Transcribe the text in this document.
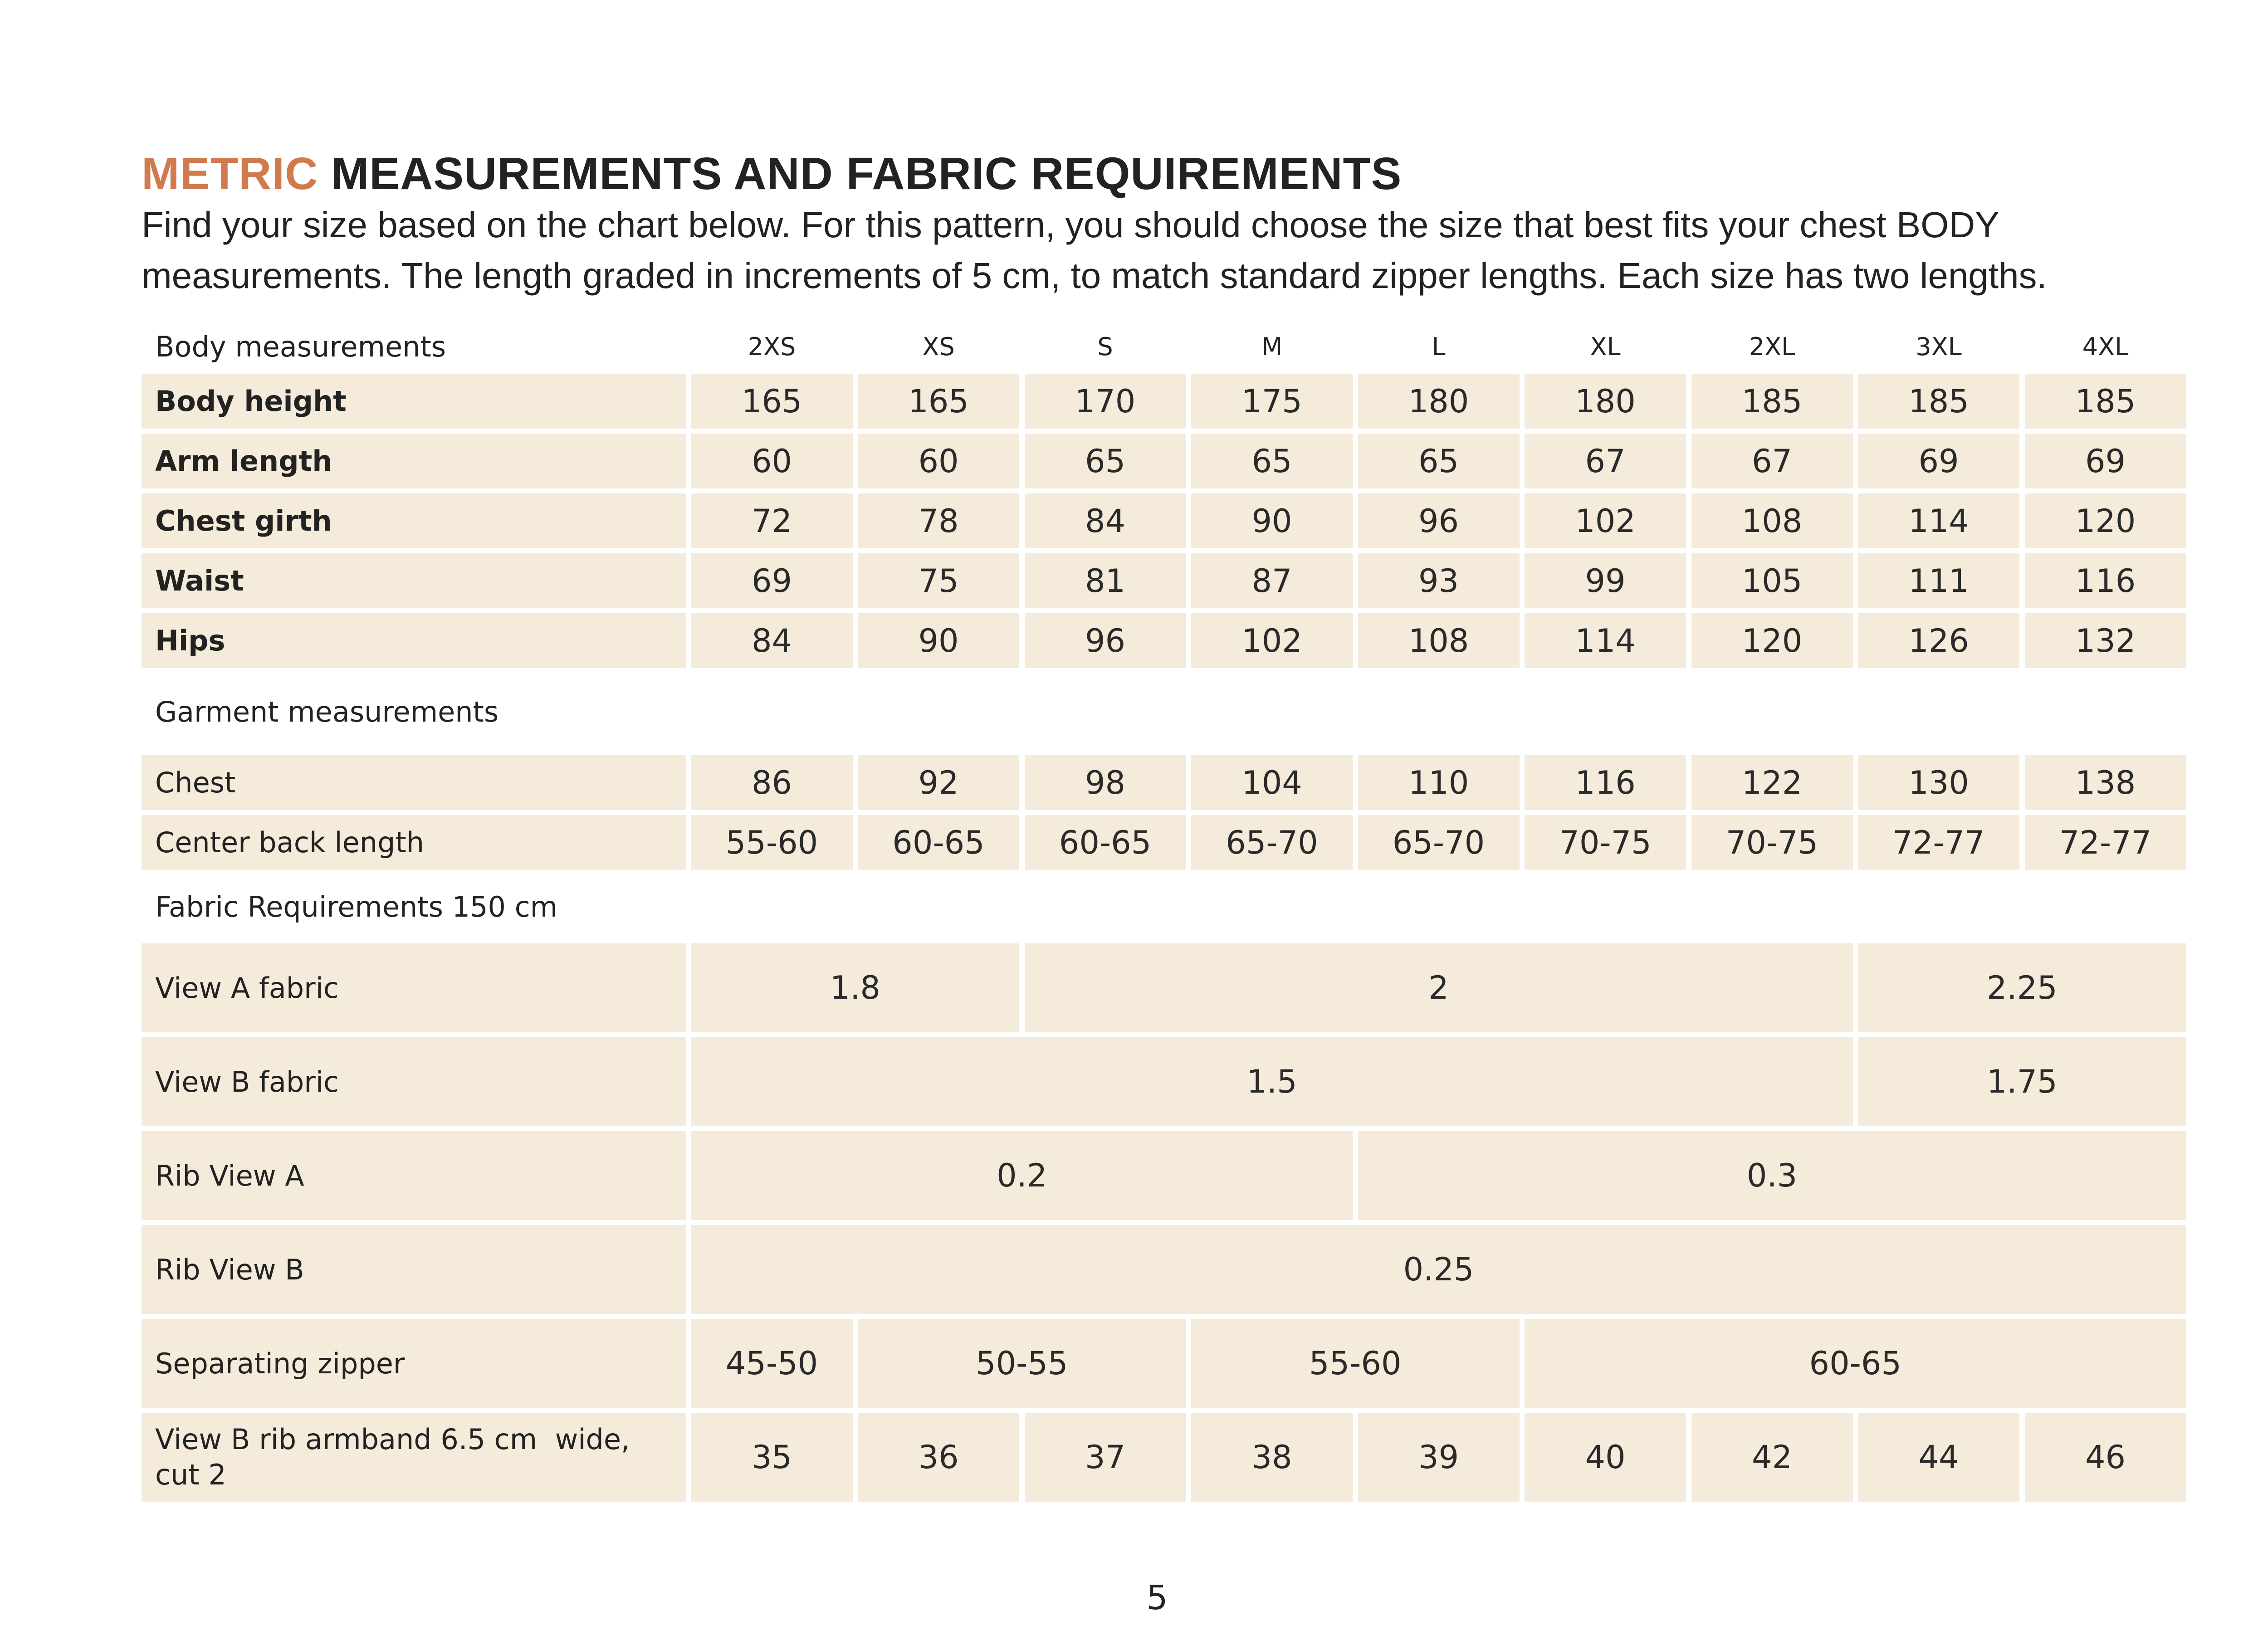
METRIC MEASUREMENTS AND FABRIC REQUIREMENTS

Find your size based on the chart below. For this pattern, you should choose the size that best fits your chest BODY

measurements. The length graded in increments of 5 cm, to match standard zipper lengths. Each size has two lengths.

Body measurements	2XS	XS	S	M	L	XL	2XL	3XL	4XL
Body height	165	165	170	175	180	180	185	185	185
Arm length	60	60	65	65	65	67	67	69	69
Chest girth	72	78	84	90	96	102	108	114	120
Waist	69	75	81	87	93	99	105	111	116
Hips	84	90	96	102	108	114	120	126	132
Garment measurements
Chest	86	92	98	104	110	116	122	130	138
Center back length	55-60	60-65	60-65	65-70	65-70	70-75	70-75	72-77	72-77
Fabric Requirements 150 cm
View A fabric	1.8	2	2.25
View B fabric	1.5	1.75
Rib View A	0.2	0.3
Rib View B	0.25
Separating zipper	45-50	50-55	55-60	60-65
View B rib armband 6.5 cm  wide,
cut 2	35	36	37	38	39	40	42	44	46
5
